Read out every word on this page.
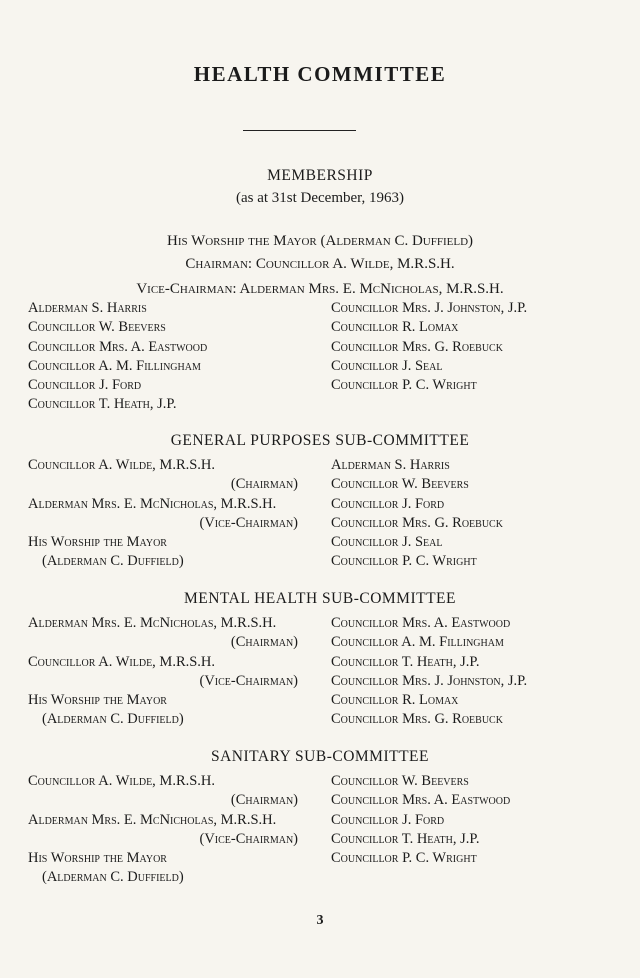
HEALTH COMMITTEE
MEMBERSHIP
(as at 31st December, 1963)
His Worship the Mayor (Alderman C. Duffield)
Chairman: Councillor A. Wilde, M.R.S.H.
Vice-Chairman: Alderman Mrs. E. McNicholas, M.R.S.H.
Alderman S. Harris
Councillor W. Beevers
Councillor Mrs. A. Eastwood
Councillor A. M. Fillingham
Councillor J. Ford
Councillor T. Heath, J.P.
Councillor Mrs. J. Johnston, J.P.
Councillor R. Lomax
Councillor Mrs. G. Roebuck
Councillor J. Seal
Councillor P. C. Wright
GENERAL PURPOSES SUB-COMMITTEE
Councillor A. Wilde, M.R.S.H.
(Chairman)
Alderman Mrs. E. McNicholas, M.R.S.H.
(Vice-Chairman)
His Worship the Mayor
(Alderman C. Duffield)
Alderman S. Harris
Councillor W. Beevers
Councillor J. Ford
Councillor Mrs. G. Roebuck
Councillor J. Seal
Councillor P. C. Wright
MENTAL HEALTH SUB-COMMITTEE
Alderman Mrs. E. McNicholas, M.R.S.H.
(Chairman)
Councillor A. Wilde, M.R.S.H.
(Vice-Chairman)
His Worship the Mayor
(Alderman C. Duffield)
Councillor Mrs. A. Eastwood
Councillor A. M. Fillingham
Councillor T. Heath, J.P.
Councillor Mrs. J. Johnston, J.P.
Councillor R. Lomax
Councillor Mrs. G. Roebuck
SANITARY SUB-COMMITTEE
Councillor A. Wilde, M.R.S.H.
(Chairman)
Alderman Mrs. E. McNicholas, M.R.S.H.
(Vice-Chairman)
His Worship the Mayor
(Alderman C. Duffield)
Councillor W. Beevers
Councillor Mrs. A. Eastwood
Councillor J. Ford
Councillor T. Heath, J.P.
Councillor P. C. Wright
3
